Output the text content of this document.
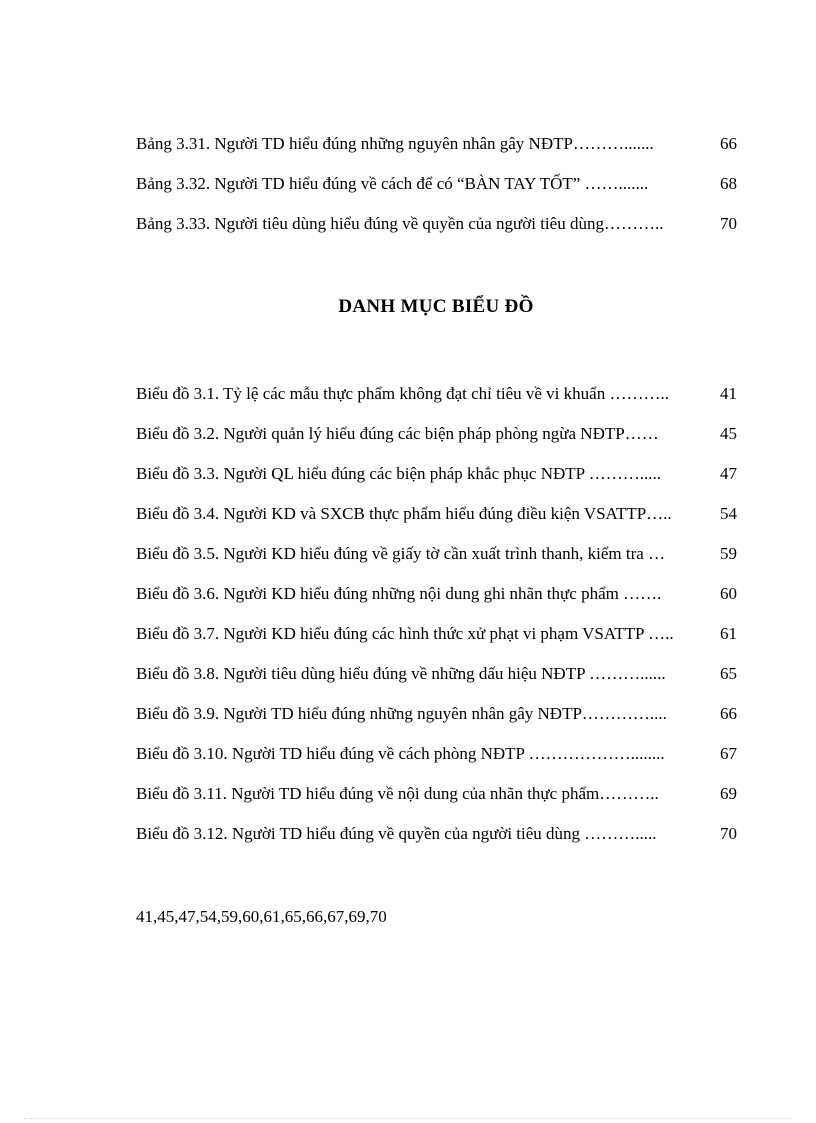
Bảng 3.31. Người TD hiểu đúng những nguyên nhân gây NĐTP……….......	66
Bảng 3.32. Người TD hiểu đúng về cách để có “BÀN TAY TỐT” …….......	68
Bảng 3.33. Người tiêu dùng hiểu đúng về quyền của người tiêu dùng………..	70
DANH MỤC BIỂU ĐỒ
Biểu đồ 3.1. Tỷ lệ các mẫu thực phẩm không đạt chỉ tiêu về vi khuẩn ………..	41
Biểu đồ 3.2. Người quản lý hiểu đúng các biện pháp phòng ngừa NĐTP……	45
Biểu đồ 3.3. Người QL hiểu đúng các biện pháp khắc phục NĐTP ……….....	47
Biểu đồ 3.4. Người KD và SXCB thực phẩm hiểu đúng điều kiện VSATTP…..	54
Biểu đồ 3.5. Người KD hiểu đúng về giấy tờ cần xuất trình thanh, kiểm tra …	59
Biểu đồ 3.6. Người KD hiểu đúng những nội dung ghi nhãn thực phẩm …….	60
Biểu đồ 3.7. Người KD hiểu đúng các hình thức xử phạt vi phạm VSATTP …..	61
Biểu đồ 3.8. Người tiêu dùng hiểu đúng về những dấu hiệu NĐTP ………......	65
Biểu đồ 3.9. Người TD hiểu đúng những nguyên nhân gây NĐTP…………....	66
Biểu đồ 3.10. Người TD hiểu đúng về cách phòng NĐTP ………………........	67
Biểu đồ 3.11. Người TD hiểu đúng về nội dung của nhãn thực phẩm………..	69
Biểu đồ 3.12. Người TD hiểu đúng về quyền của người tiêu dùng ……….....	70
41,45,47,54,59,60,61,65,66,67,69,70
